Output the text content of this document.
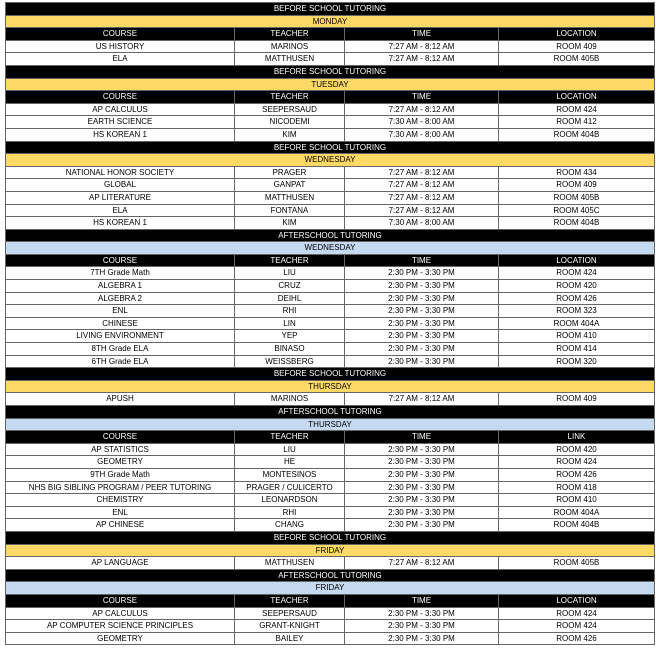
BEFORE SCHOOL TUTORING			
MONDAY			
COURSE	TEACHER	TIME	LOCATION
US HISTORY	MARINOS	7:27 AM - 8:12 AM	ROOM 409
ELA	MATTHUSEN	7:27 AM - 8:12 AM	ROOM 405B
BEFORE SCHOOL TUTORING			
TUESDAY			
COURSE	TEACHER	TIME	LOCATION
AP CALCULUS	SEEPERSAUD	7:27 AM - 8:12 AM	ROOM 424
EARTH SCIENCE	NICODEMI	7:30 AM - 8:00 AM	ROOM 412
HS KOREAN 1	KIM	7:30 AM - 8:00 AM	ROOM 404B
BEFORE SCHOOL TUTORING			
WEDNESDAY			
NATIONAL HONOR SOCIETY	PRAGER	7:27 AM - 8:12 AM	ROOM 434
GLOBAL	GANPAT	7:27 AM - 8:12 AM	ROOM 409
AP LITERATURE	MATTHUSEN	7:27 AM - 8:12 AM	ROOM 405B
ELA	FONTANA	7:27 AM - 8:12 AM	ROOM 405C
HS KOREAN 1	KIM	7:30 AM - 8:00 AM	ROOM 404B
AFTERSCHOOL TUTORING			
WEDNESDAY			
COURSE	TEACHER	TIME	LOCATION
7TH Grade Math	LIU	2:30 PM - 3:30 PM	ROOM 424
ALGEBRA 1	CRUZ	2:30 PM - 3:30 PM	ROOM 420
ALGEBRA 2	DEIHL	2:30 PM - 3:30 PM	ROOM 426
ENL	RHI	2:30 PM - 3:30 PM	ROOM 323
CHINESE	LIN	2:30 PM - 3:30 PM	ROOM 404A
LIVING ENVIRONMENT	YEP	2:30 PM - 3:30 PM	ROOM 410
8TH Grade ELA	BINASO	2:30 PM - 3:30 PM	ROOM 414
6TH Grade ELA	WEISSBERG	2:30 PM - 3:30 PM	ROOM 320
BEFORE SCHOOL TUTORING			
THURSDAY			
APUSH	MARINOS	7:27 AM - 8:12 AM	ROOM 409
AFTERSCHOOL TUTORING			
THURSDAY			
COURSE	TEACHER	TIME	LINK
AP STATISTICS	LIU	2:30 PM - 3:30 PM	ROOM 420
GEOMETRY	HE	2:30 PM - 3:30 PM	ROOM 424
9TH Grade Math	MONTESINOS	2:30 PM - 3:30 PM	ROOM 426
NHS BIG SIBLING PROGRAM / PEER TUTORING	PRAGER / CULICERTO	2:30 PM - 3:30 PM	ROOM 418
CHEMISTRY	LEONARDSON	2:30 PM - 3:30 PM	ROOM 410
ENL	RHI	2:30 PM - 3:30 PM	ROOM 404A
AP CHINESE	CHANG	2:30 PM - 3:30 PM	ROOM 404B
BEFORE SCHOOL TUTORING			
FRIDAY			
AP LANGUAGE	MATTHUSEN	7:27 AM - 8:12 AM	ROOM 405B
AFTERSCHOOL TUTORING			
FRIDAY			
COURSE	TEACHER	TIME	LOCATION
AP CALCULUS	SEEPERSAUD	2:30 PM - 3:30 PM	ROOM 424
AP COMPUTER SCIENCE PRINCIPLES	GRANT-KNIGHT	2:30 PM - 3:30 PM	ROOM 424
GEOMETRY	BAILEY	2:30 PM - 3:30 PM	ROOM 426
